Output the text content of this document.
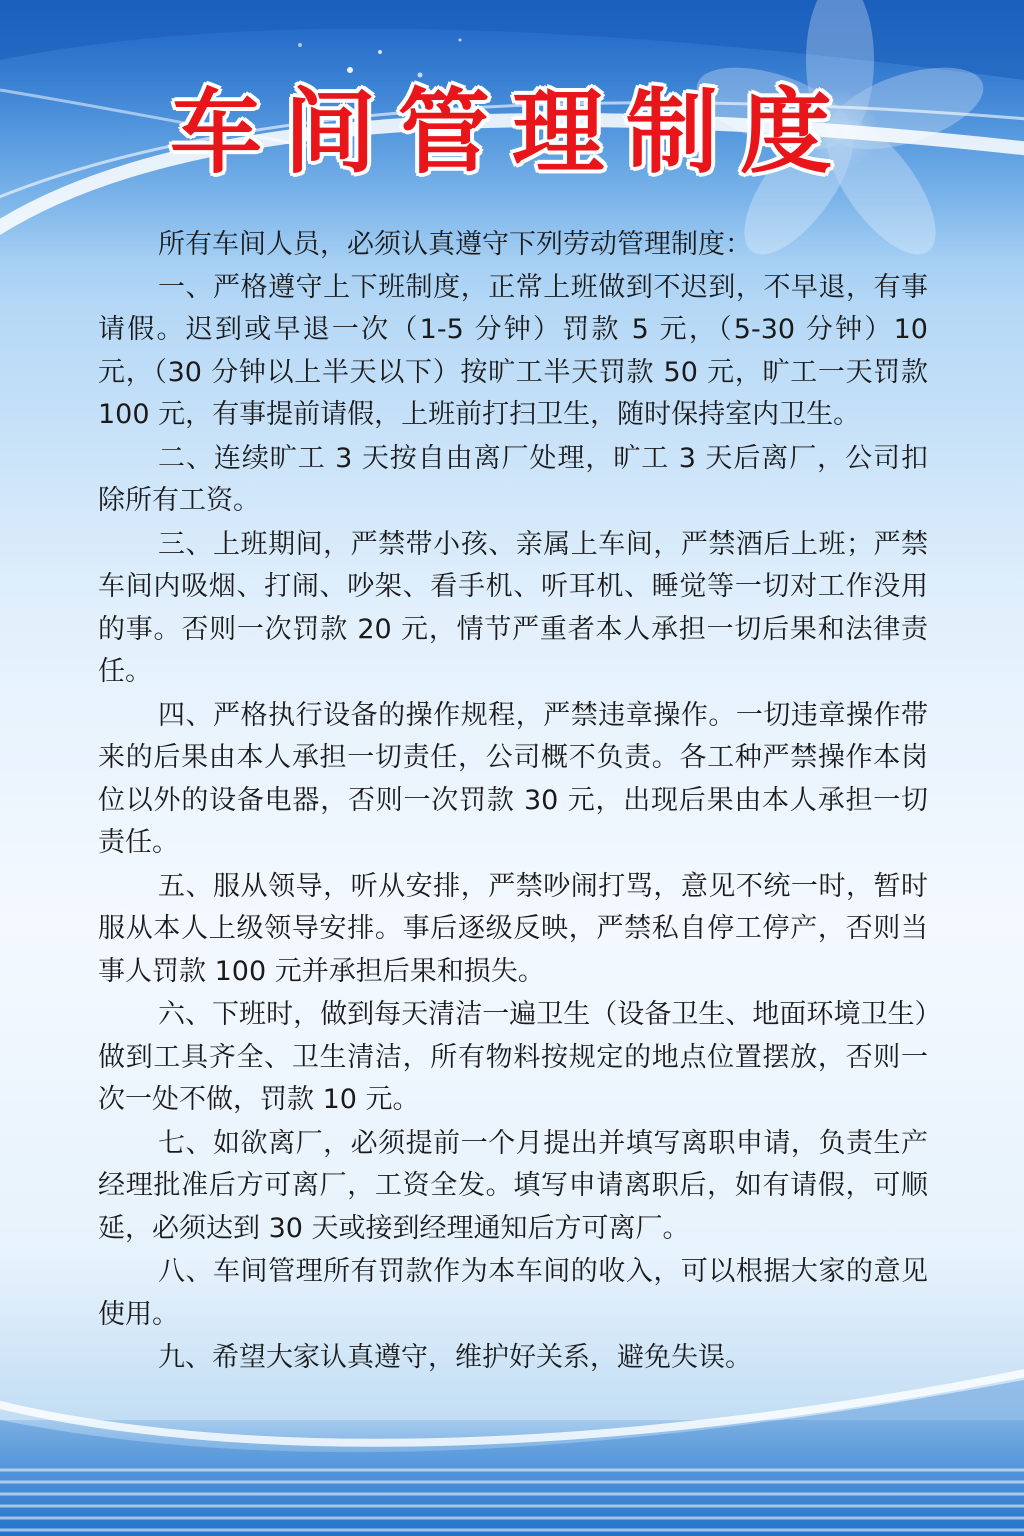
车间管理制度

所有车间人员，必须认真遵守下列劳动管理制度：

一、严格遵守上下班制度，正常上班做到不迟到，不早退，有事请假。迟到或早退一次（1-5 分钟）罚款 5 元，（5-30 分钟）10 元，（30 分钟以上半天以下）按旷工半天罚款 50 元，旷工一天罚款 100 元，有事提前请假，上班前打扫卫生，随时保持室内卫生。

二、连续旷工 3 天按自由离厂处理，旷工 3 天后离厂，公司扣除所有工资。

三、上班期间，严禁带小孩、亲属上车间，严禁酒后上班；严禁车间内吸烟、打闹、吵架、看手机、听耳机、睡觉等一切对工作没用的事。否则一次罚款 20 元，情节严重者本人承担一切后果和法律责任。

四、严格执行设备的操作规程，严禁违章操作。一切违章操作带来的后果由本人承担一切责任，公司概不负责。各工种严禁操作本岗位以外的设备电器，否则一次罚款 30 元，出现后果由本人承担一切责任。

五、服从领导，听从安排，严禁吵闹打骂，意见不统一时，暂时服从本人上级领导安排。事后逐级反映，严禁私自停工停产，否则当事人罚款 100 元并承担后果和损失。

六、下班时，做到每天清洁一遍卫生（设备卫生、地面环境卫生）做到工具齐全、卫生清洁，所有物料按规定的地点位置摆放，否则一次一处不做，罚款 10 元。

七、如欲离厂，必须提前一个月提出并填写离职申请，负责生产经理批准后方可离厂，工资全发。填写申请离职后，如有请假，可顺延，必须达到 30 天或接到经理通知后方可离厂。

八、车间管理所有罚款作为本车间的收入，可以根据大家的意见使用。

九、希望大家认真遵守，维护好关系，避免失误。
